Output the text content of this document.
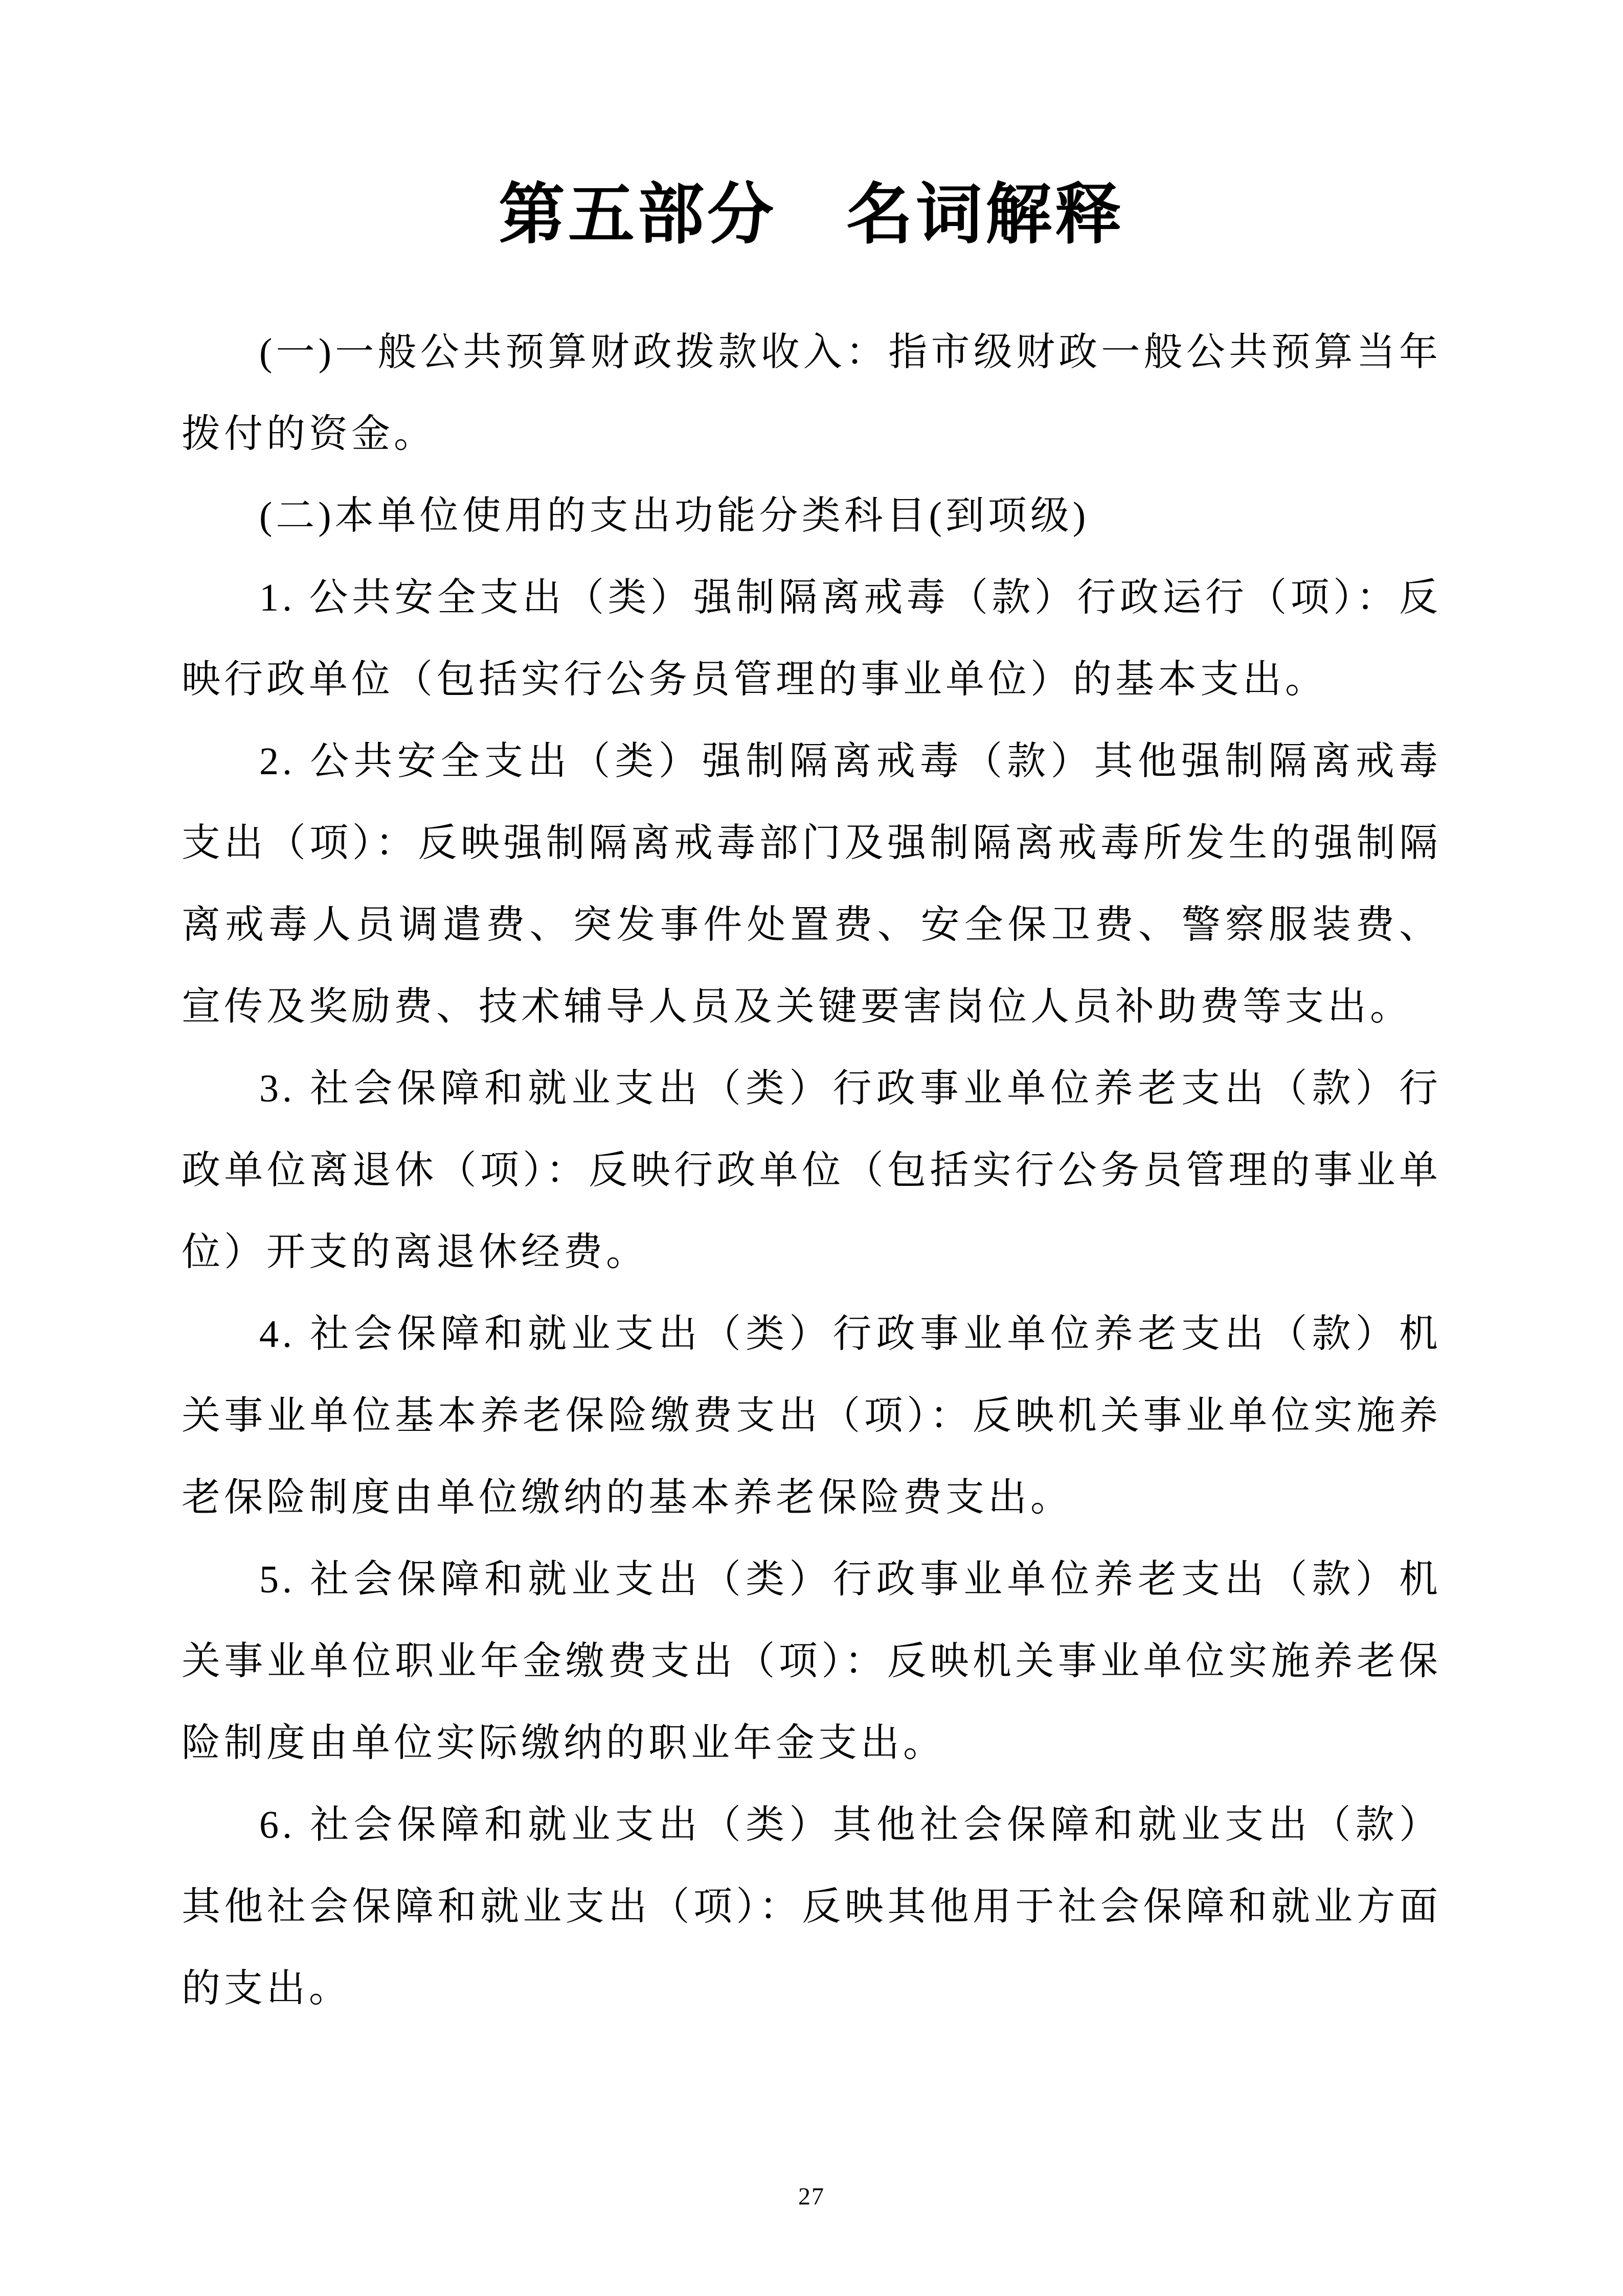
第五部分　名词解释

(一)一般公共预算财政拨款收入：指市级财政一般公共预算当年拨付的资金。

(二)本单位使用的支出功能分类科目(到项级)

1. 公共安全支出（类）强制隔离戒毒（款）行政运行（项）：反映行政单位（包括实行公务员管理的事业单位）的基本支出。

2. 公共安全支出（类）强制隔离戒毒（款）其他强制隔离戒毒支出（项）：反映强制隔离戒毒部门及强制隔离戒毒所发生的强制隔离戒毒人员调遣费、突发事件处置费、安全保卫费、警察服装费、宣传及奖励费、技术辅导人员及关键要害岗位人员补助费等支出。

3. 社会保障和就业支出（类）行政事业单位养老支出（款）行政单位离退休（项）：反映行政单位（包括实行公务员管理的事业单位）开支的离退休经费。

4. 社会保障和就业支出（类）行政事业单位养老支出（款）机关事业单位基本养老保险缴费支出（项）：反映机关事业单位实施养老保险制度由单位缴纳的基本养老保险费支出。

5. 社会保障和就业支出（类）行政事业单位养老支出（款）机关事业单位职业年金缴费支出（项）：反映机关事业单位实施养老保险制度由单位实际缴纳的职业年金支出。

6. 社会保障和就业支出（类）其他社会保障和就业支出（款）其他社会保障和就业支出（项）：反映其他用于社会保障和就业方面的支出。

27
